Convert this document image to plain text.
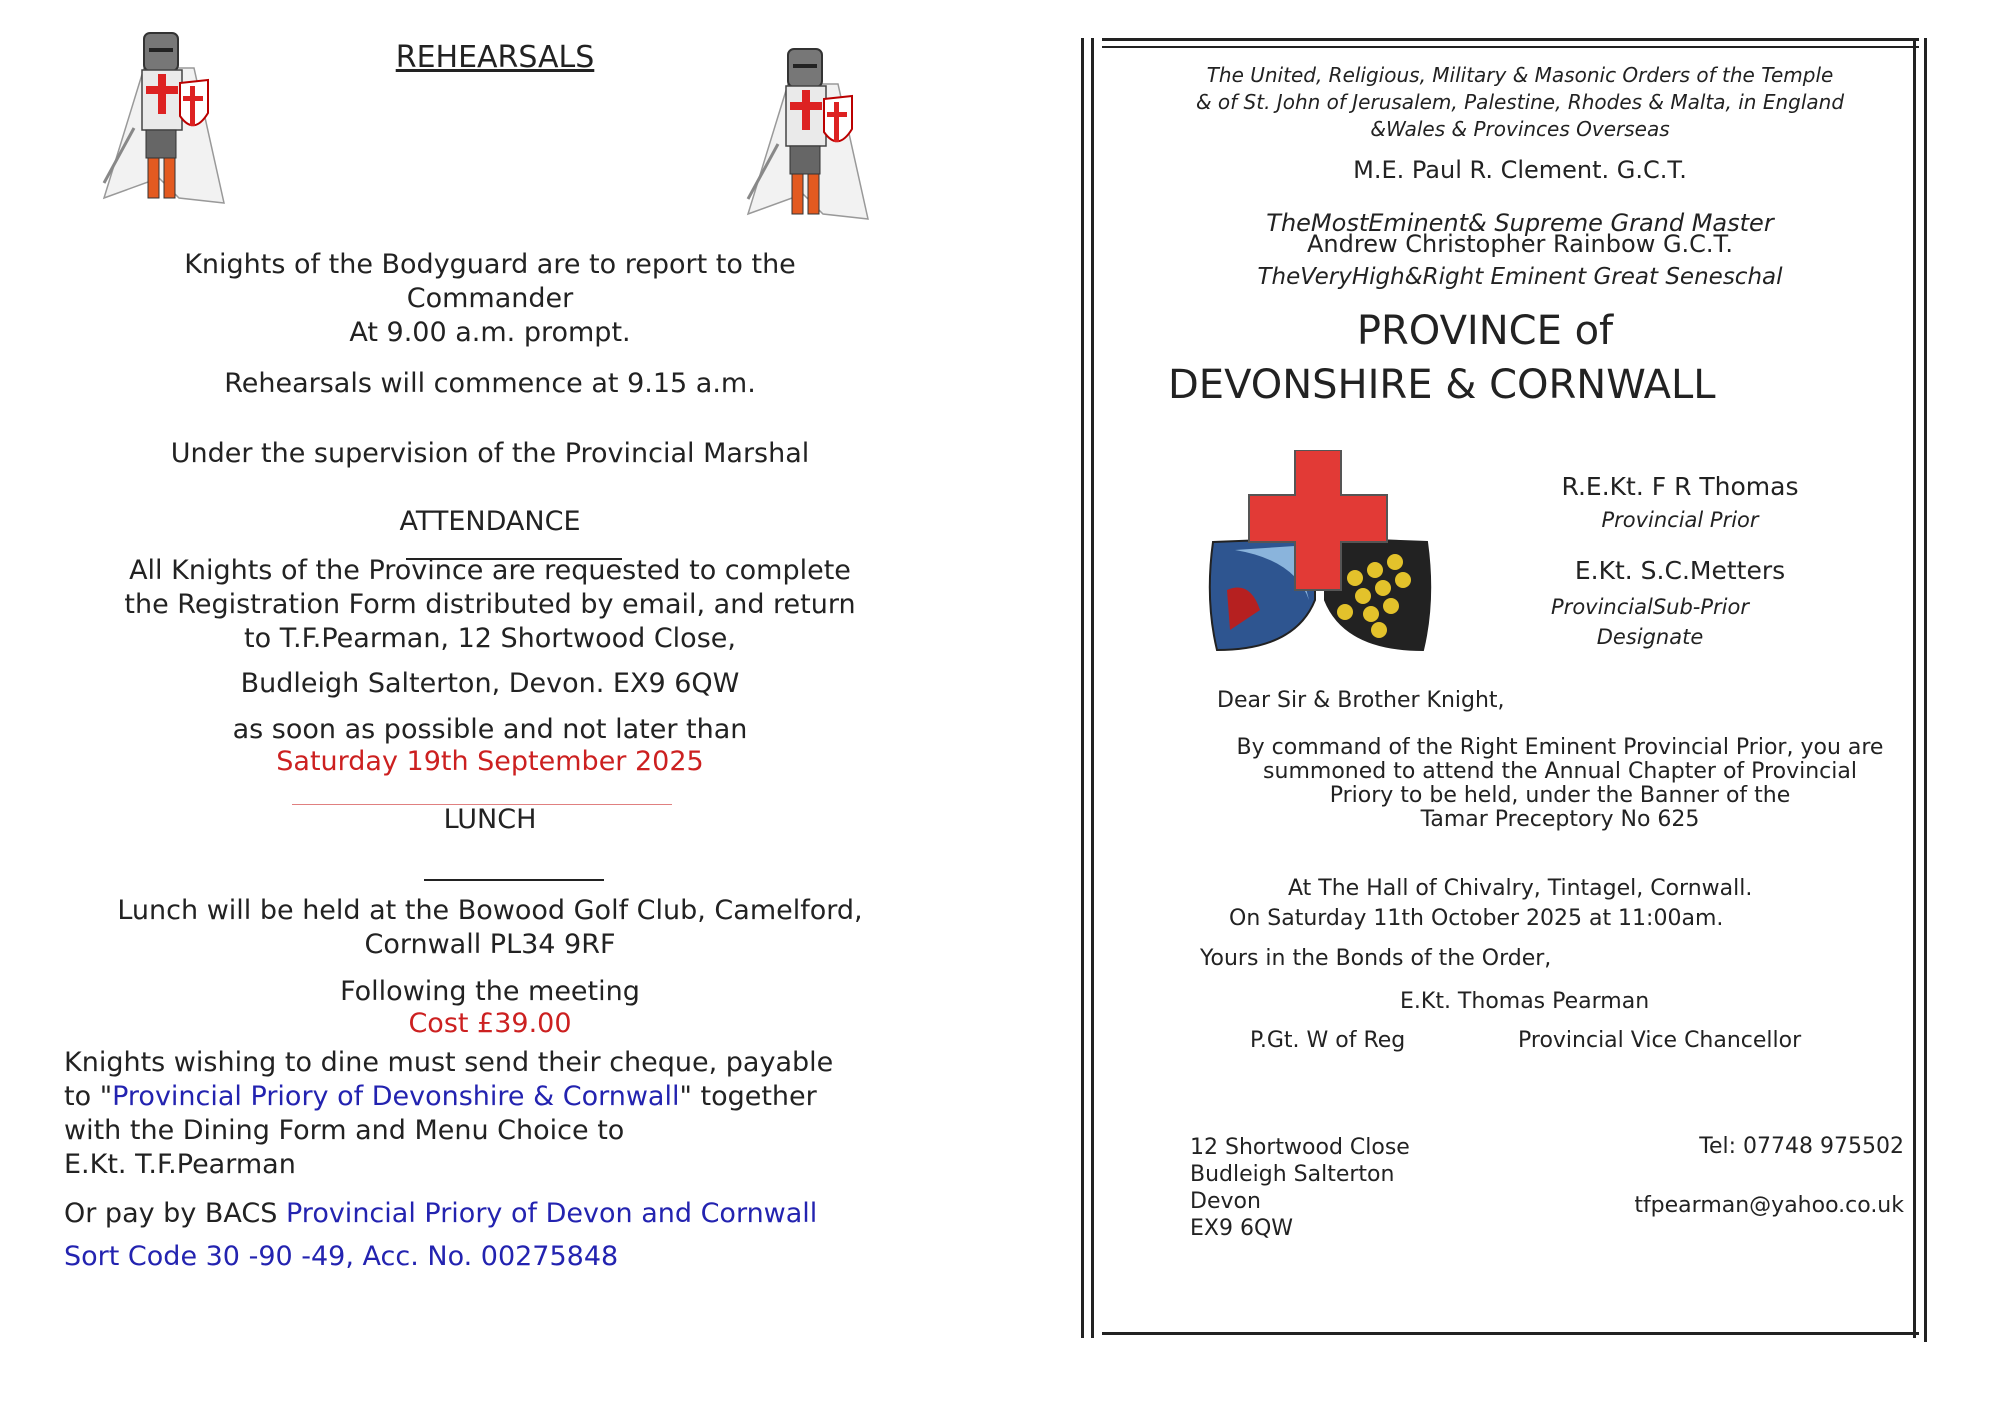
REHEARSALS

Knights of the Bodyguard are to report to the

Commander

At 9.00 a.m. prompt.

Rehearsals will commence at 9.15 a.m.
Under the supervision of the Provincial Marshal
ATTENDANCE

All Knights of the Province are requested to complete

the Registration Form distributed by email, and return

to T.F.Pearman, 12 Shortwood Close,

Budleigh Salterton, Devon. EX9 6QW
as soon as possible and not later than
Saturday 19th September 2025
LUNCH

Lunch will be held at the Bowood Golf Club, Camelford,

Cornwall PL34 9RF

Following the meeting
Cost £39.00

Knights wishing to dine must send their cheque, payable

to "Provincial Priory of Devonshire & Cornwall" together

with the Dining Form and Menu Choice to

E.Kt. T.F.Pearman

Or pay by BACS Provincial Priory of Devon and Cornwall
Sort Code 30 -90 -49, Acc. No. 00275848

The United, Religious, Military & Masonic Orders of the Temple

& of St. John of Jerusalem, Palestine, Rhodes & Malta, in England

&Wales & Provinces Overseas

M.E. Paul R. Clement. G.C.T.
TheMostEminent& Supreme Grand Master
Andrew Christopher Rainbow G.C.T.
TheVeryHigh&Right Eminent Great Seneschal
PROVINCE of
DEVONSHIRE & CORNWALL
R.E.Kt. F R Thomas
Provincial Prior
E.Kt. S.C.Metters

ProvincialSub-Prior

Designate

Dear Sir & Brother Knight,

By command of the Right Eminent Provincial Prior, you are

summoned to attend the Annual Chapter of Provincial

Priory to be held, under the Banner of the

Tamar Preceptory No 625

At The Hall of Chivalry, Tintagel, Cornwall.
On Saturday 11th October 2025 at 11:00am.
Yours in the Bonds of the Order,
E.Kt. Thomas Pearman
P.Gt. W of Reg	Provincial Vice Chancellor

12 Shortwood Close

Budleigh Salterton

Devon

EX9 6QW

Tel: 07748 975502
tfpearman@yahoo.co.uk
